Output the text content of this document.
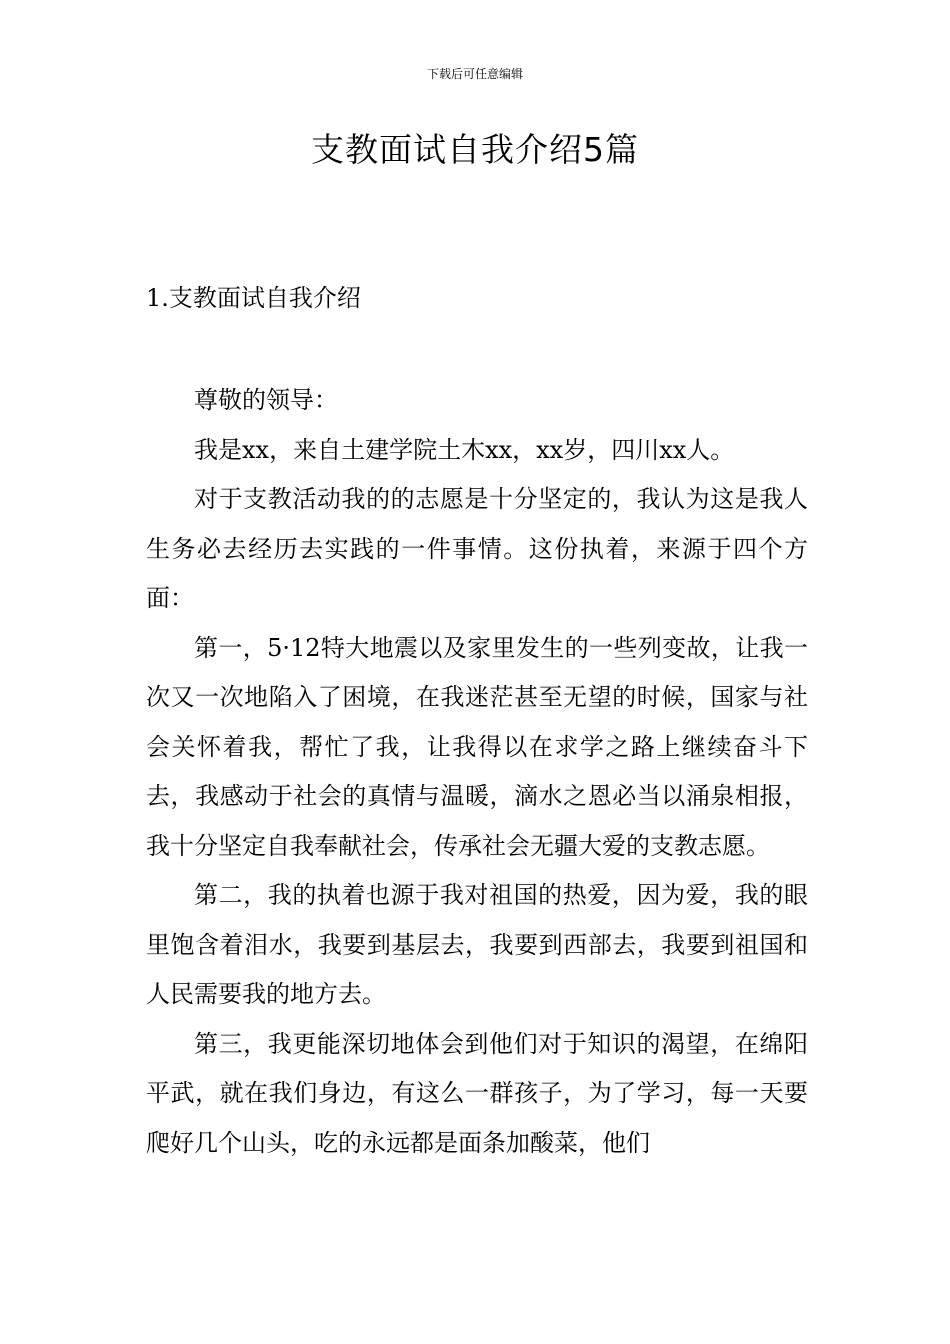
下载后可任意编辑
支教面试自我介绍5篇
1.支教面试自我介绍

尊敬的领导：

我是xx，来自土建学院土木xx，xx岁，四川xx人。

对于支教活动我的的志愿是十分坚定的，我认为这是我人生务必去经历去实践的一件事情。这份执着，来源于四个方面：

第一，5·12特大地震以及家里发生的一些列变故，让我一次又一次地陷入了困境，在我迷茫甚至无望的时候，国家与社会关怀着我，帮忙了我，让我得以在求学之路上继续奋斗下去，我感动于社会的真情与温暖，滴水之恩必当以涌泉相报，我十分坚定自我奉献社会，传承社会无疆大爱的支教志愿。

第二，我的执着也源于我对祖国的热爱，因为爱，我的眼里饱含着泪水，我要到基层去，我要到西部去，我要到祖国和人民需要我的地方去。

第三，我更能深切地体会到他们对于知识的渴望，在绵阳平武，就在我们身边，有这么一群孩子，为了学习，每一天要爬好几个山头，吃的永远都是面条加酸菜，他们
